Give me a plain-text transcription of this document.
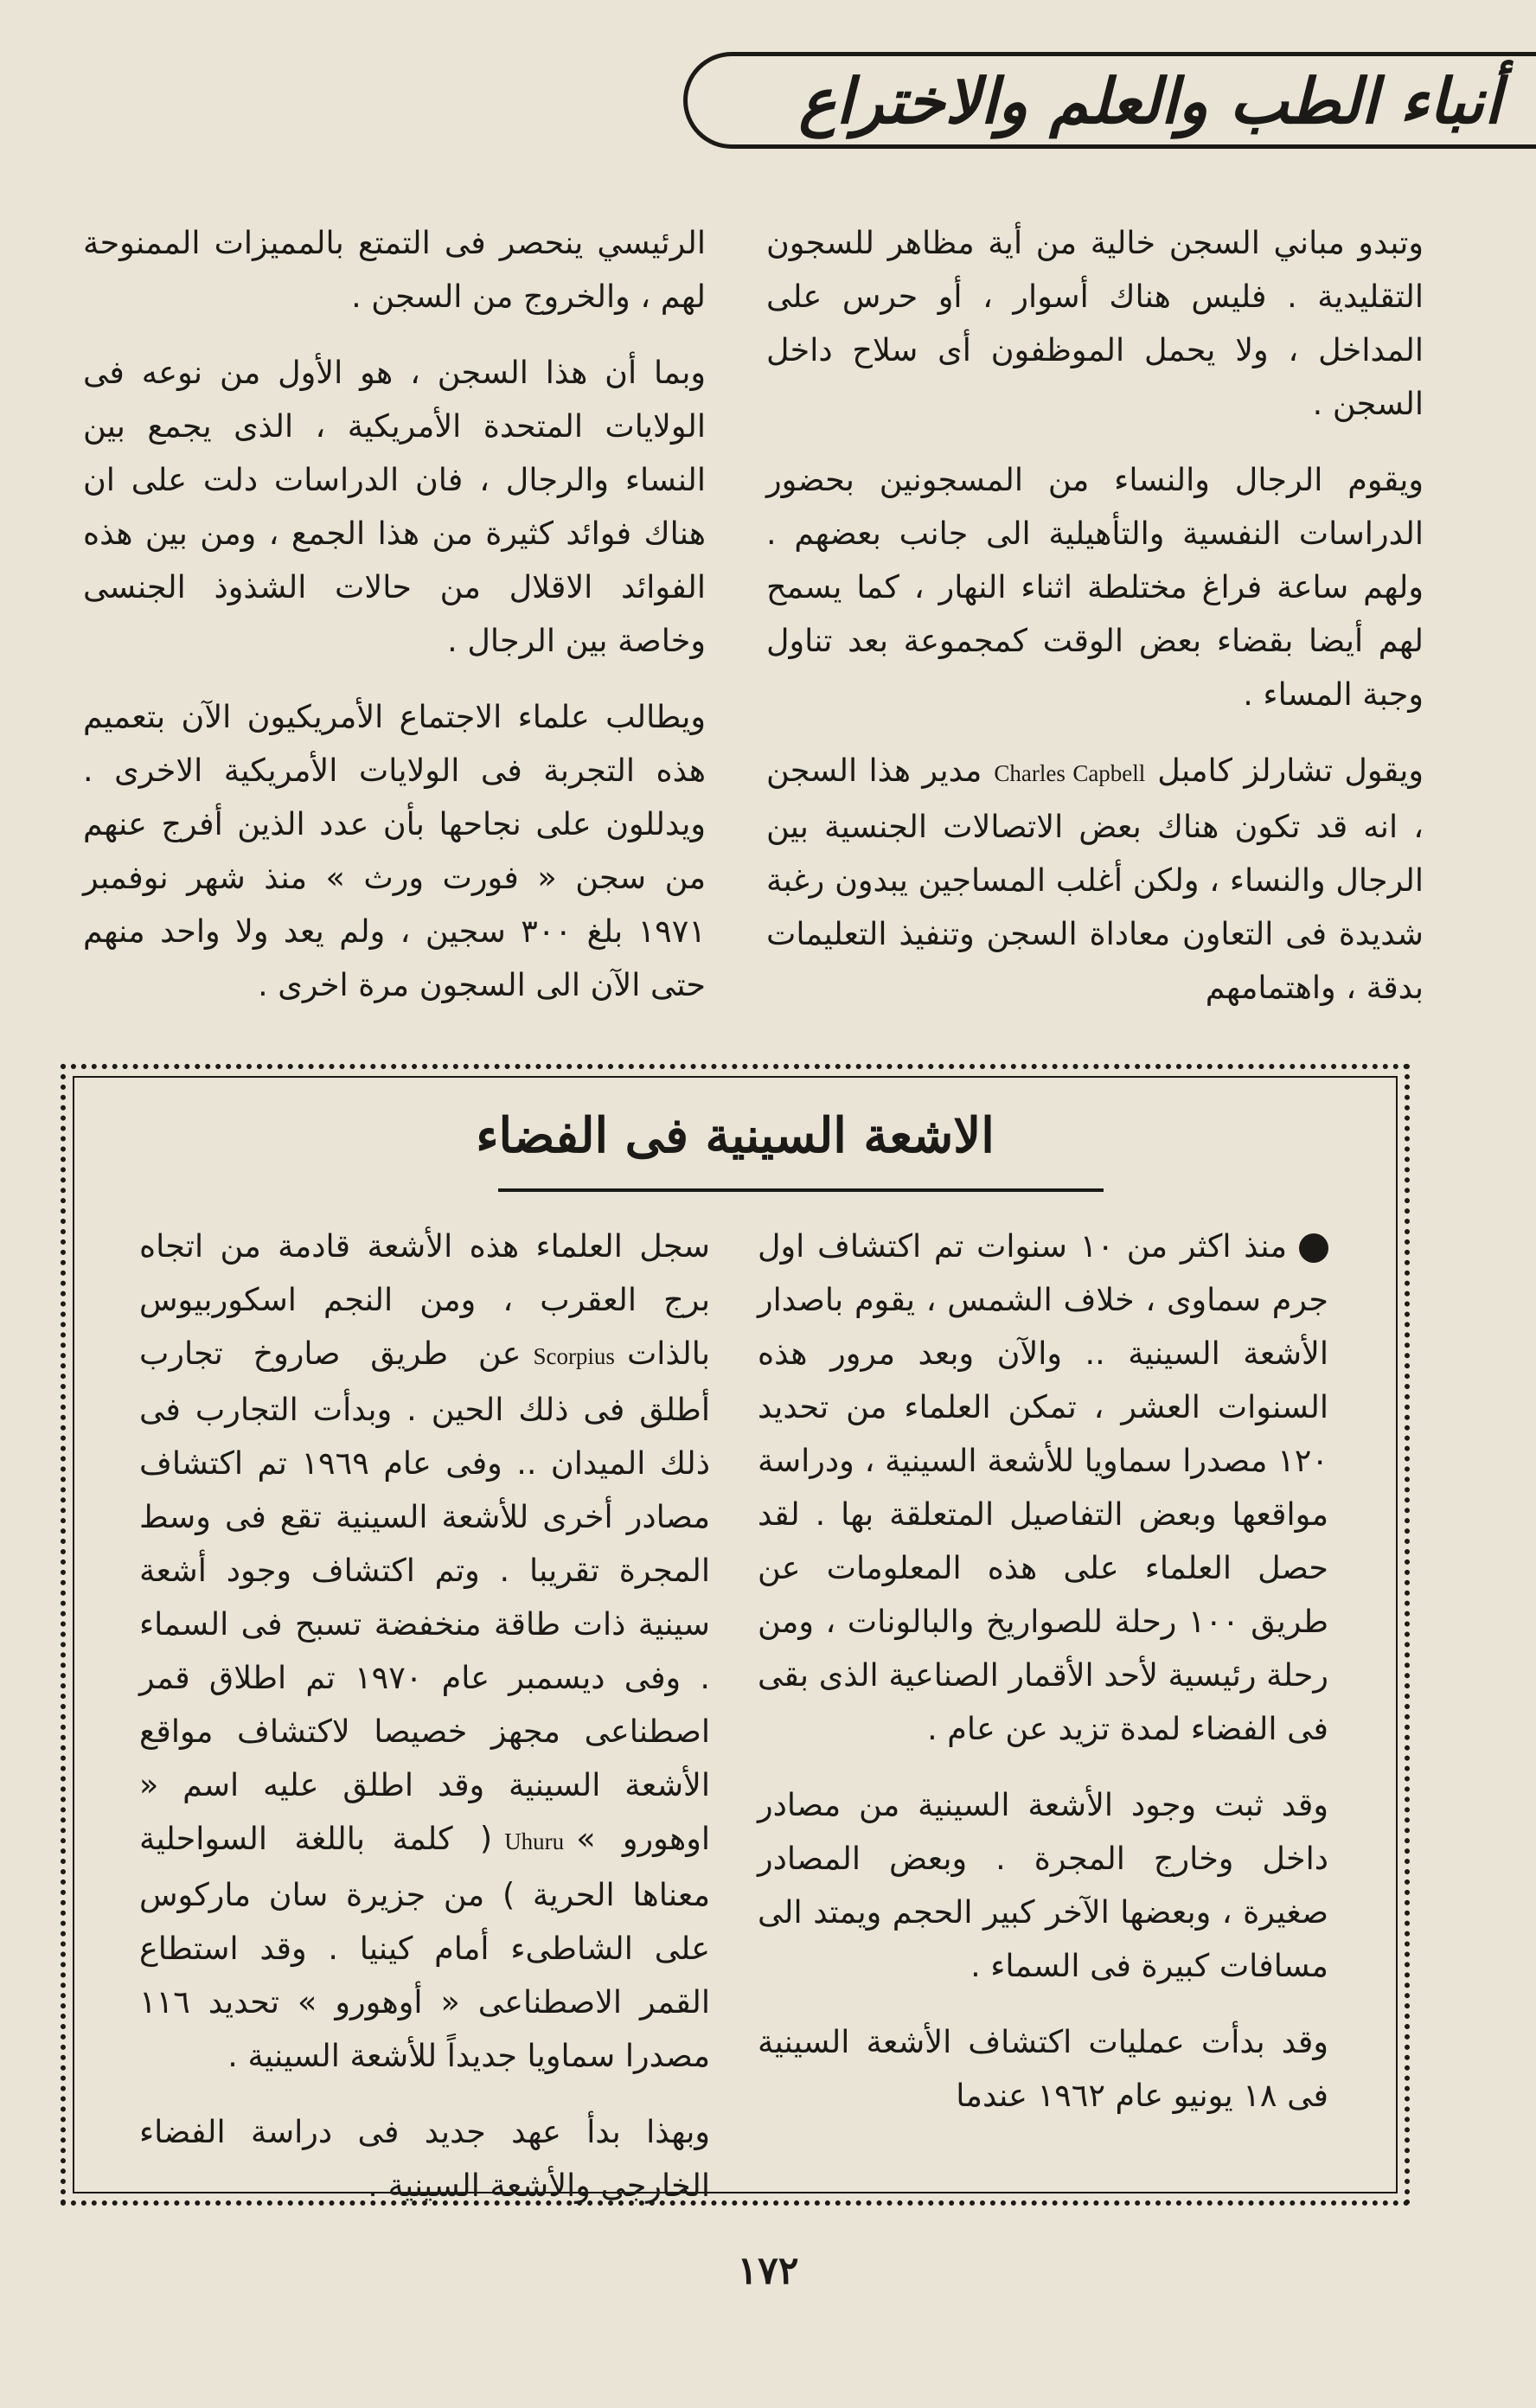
أنباء الطب والعلم والاختراع

وتبدو مباني السجن خالية من أية مظاهر للسجون التقليدية . فليس هناك أسوار ، أو حرس على المداخل ، ولا يحمل الموظفون أى سلاح داخل السجن .

ويقوم الرجال والنساء من المسجونين بحضور الدراسات النفسية والتأهيلية الى جانب بعضهم . ولهم ساعة فراغ مختلطة اثناء النهار ، كما يسمح لهم أيضا بقضاء بعض الوقت كمجموعة بعد تناول وجبة المساء .

ويقول تشارلز كامبلCharles Capbellمدير هذا السجن ، انه قد تكون هناك بعض الاتصالات الجنسية بين الرجال والنساء ، ولكن أغلب المساجين يبدون رغبة شديدة فى التعاون معاداة السجن وتنفيذ التعليمات بدقة ، واهتمامهم

الرئيسي ينحصر فى التمتع بالمميزات الممنوحة لهم ، والخروج من السجن .

وبما أن هذا السجن ، هو الأول من نوعه فى الولايات المتحدة الأمريكية ، الذى يجمع بين النساء والرجال ، فان الدراسات دلت على ان هناك فوائد كثيرة من هذا الجمع ، ومن بين هذه الفوائد الاقلال من حالات الشذوذ الجنسى وخاصة بين الرجال .

ويطالب علماء الاجتماع الأمريكيون الآن بتعميم هذه التجربة فى الولايات الأمريكية الاخرى . ويدللون على نجاحها بأن عدد الذين أفرج عنهم من سجن « فورت ورث » منذ شهر نوفمبر ١٩٧١ بلغ ٣٠٠ سجين ، ولم يعد ولا واحد منهم حتى الآن الى السجون مرة اخرى .

الاشعة السينية فى الفضاء

منذ اكثر من ١٠ سنوات تم اكتشاف اول جرم سماوى ، خلاف الشمس ، يقوم باصدار الأشعة السينية .. والآن وبعد مرور هذه السنوات العشر ، تمكن العلماء من تحديد ١٢٠ مصدرا سماويا للأشعة السينية ، ودراسة مواقعها وبعض التفاصيل المتعلقة بها . لقد حصل العلماء على هذه المعلومات عن طريق ١٠٠ رحلة للصواريخ والبالونات ، ومن رحلة رئيسية لأحد الأقمار الصناعية الذى بقى فى الفضاء لمدة تزيد عن عام .

وقد ثبت وجود الأشعة السينية من مصادر داخل وخارج المجرة . وبعض المصادر صغيرة ، وبعضها الآخر كبير الحجم ويمتد الى مسافات كبيرة فى السماء .

وقد بدأت عمليات اكتشاف الأشعة السينية فى ١٨ يونيو عام ١٩٦٢ عندما

سجل العلماء هذه الأشعة قادمة من اتجاه برج العقرب ، ومن النجم اسكوربيوس بالذاتScorpiusعن طريق صاروخ تجارب أطلق فى ذلك الحين . وبدأت التجارب فى ذلك الميدان .. وفى عام ١٩٦٩ تم اكتشاف مصادر أخرى للأشعة السينية تقع فى وسط المجرة تقريبا . وتم اكتشاف وجود أشعة سينية ذات طاقة منخفضة تسبح فى السماء . وفى ديسمبر عام ١٩٧٠ تم اطلاق قمر اصطناعى مجهز خصيصا لاكتشاف مواقع الأشعة السينية وقد اطلق عليه اسم « اوهورو »Uhuru( كلمة باللغة السواحلية معناها الحرية ) من جزيرة سان ماركوس على الشاطىء أمام كينيا . وقد استطاع القمر الاصطناعى « أوهورو » تحديد ١١٦ مصدرا سماويا جديداً للأشعة السينية .

وبهذا بدأ عهد جديد فى دراسة الفضاء الخارجى والأشعة السينية .

١٧٢
